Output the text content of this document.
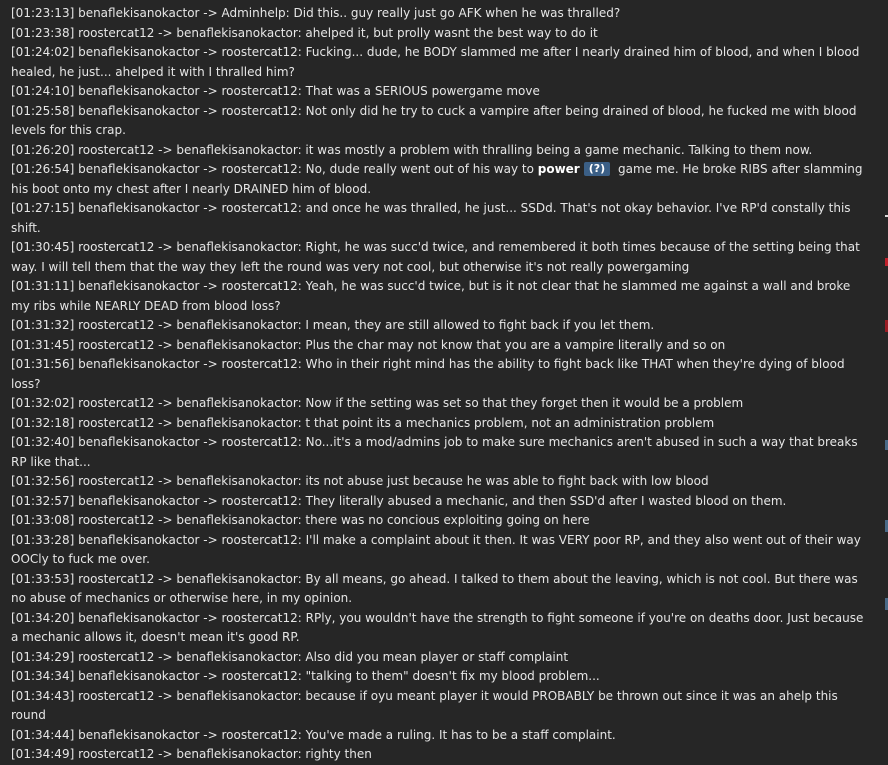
[01:23:13] benaflekisanokactor -> Adminhelp: Did this.. guy really just go AFK when he was thralled?
[01:23:38] roostercat12 -> benaflekisanokactor: ahelped it, but prolly wasnt the best way to do it
[01:24:02] benaflekisanokactor -> roostercat12: Fucking... dude, he BODY slammed me after I nearly drained him of blood, and when I blood healed, he just... ahelped it with I thralled him?
[01:24:10] benaflekisanokactor -> roostercat12: That was a SERIOUS powergame move
[01:25:58] benaflekisanokactor -> roostercat12: Not only did he try to cuck a vampire after being drained of blood, he fucked me with blood levels for this crap.
[01:26:20] roostercat12 -> benaflekisanokactor: it was mostly a problem with thralling being a game mechanic. Talking to them now.
[01:26:54] benaflekisanokactor -> roostercat12: No, dude really went out of his way to power (?) game me. He broke RIBS after slamming his boot onto my chest after I nearly DRAINED him of blood.
[01:27:15] benaflekisanokactor -> roostercat12: and once he was thralled, he just... SSDd. That's not okay behavior. I've RP'd constally this shift.
[01:30:45] roostercat12 -> benaflekisanokactor: Right, he was succ'd twice, and remembered it both times because of the setting being that way. I will tell them that the way they left the round was very not cool, but otherwise it's not really powergaming
[01:31:11] benaflekisanokactor -> roostercat12: Yeah, he was succ'd twice, but is it not clear that he slammed me against a wall and broke my ribs while NEARLY DEAD from blood loss?
[01:31:32] roostercat12 -> benaflekisanokactor: I mean, they are still allowed to fight back if you let them.
[01:31:45] roostercat12 -> benaflekisanokactor: Plus the char may not know that you are a vampire literally and so on
[01:31:56] benaflekisanokactor -> roostercat12: Who in their right mind has the ability to fight back like THAT when they're dying of blood loss?
[01:32:02] roostercat12 -> benaflekisanokactor: Now if the setting was set so that they forget then it would be a problem
[01:32:18] roostercat12 -> benaflekisanokactor: t that point its a mechanics problem, not an administration problem
[01:32:40] benaflekisanokactor -> roostercat12: No...it's a mod/admins job to make sure mechanics aren't abused in such a way that breaks RP like that...
[01:32:56] roostercat12 -> benaflekisanokactor: its not abuse just because he was able to fight back with low blood
[01:32:57] benaflekisanokactor -> roostercat12: They literally abused a mechanic, and then SSD'd after I wasted blood on them.
[01:33:08] roostercat12 -> benaflekisanokactor: there was no concious exploiting going on here
[01:33:28] benaflekisanokactor -> roostercat12: I'll make a complaint about it then. It was VERY poor RP, and they also went out of their way OOCly to fuck me over.
[01:33:53] roostercat12 -> benaflekisanokactor: By all means, go ahead. I talked to them about the leaving, which is not cool. But there was no abuse of mechanics or otherwise here, in my opinion.
[01:34:20] benaflekisanokactor -> roostercat12: RPly, you wouldn't have the strength to fight someone if you're on deaths door. Just because a mechanic allows it, doesn't mean it's good RP.
[01:34:29] roostercat12 -> benaflekisanokactor: Also did you mean player or staff complaint
[01:34:34] benaflekisanokactor -> roostercat12: "talking to them" doesn't fix my blood problem...
[01:34:43] roostercat12 -> benaflekisanokactor: because if oyu meant player it would PROBABLY be thrown out since it was an ahelp this round
[01:34:44] benaflekisanokactor -> roostercat12: You've made a ruling. It has to be a staff complaint.
[01:34:49] roostercat12 -> benaflekisanokactor: righty then
